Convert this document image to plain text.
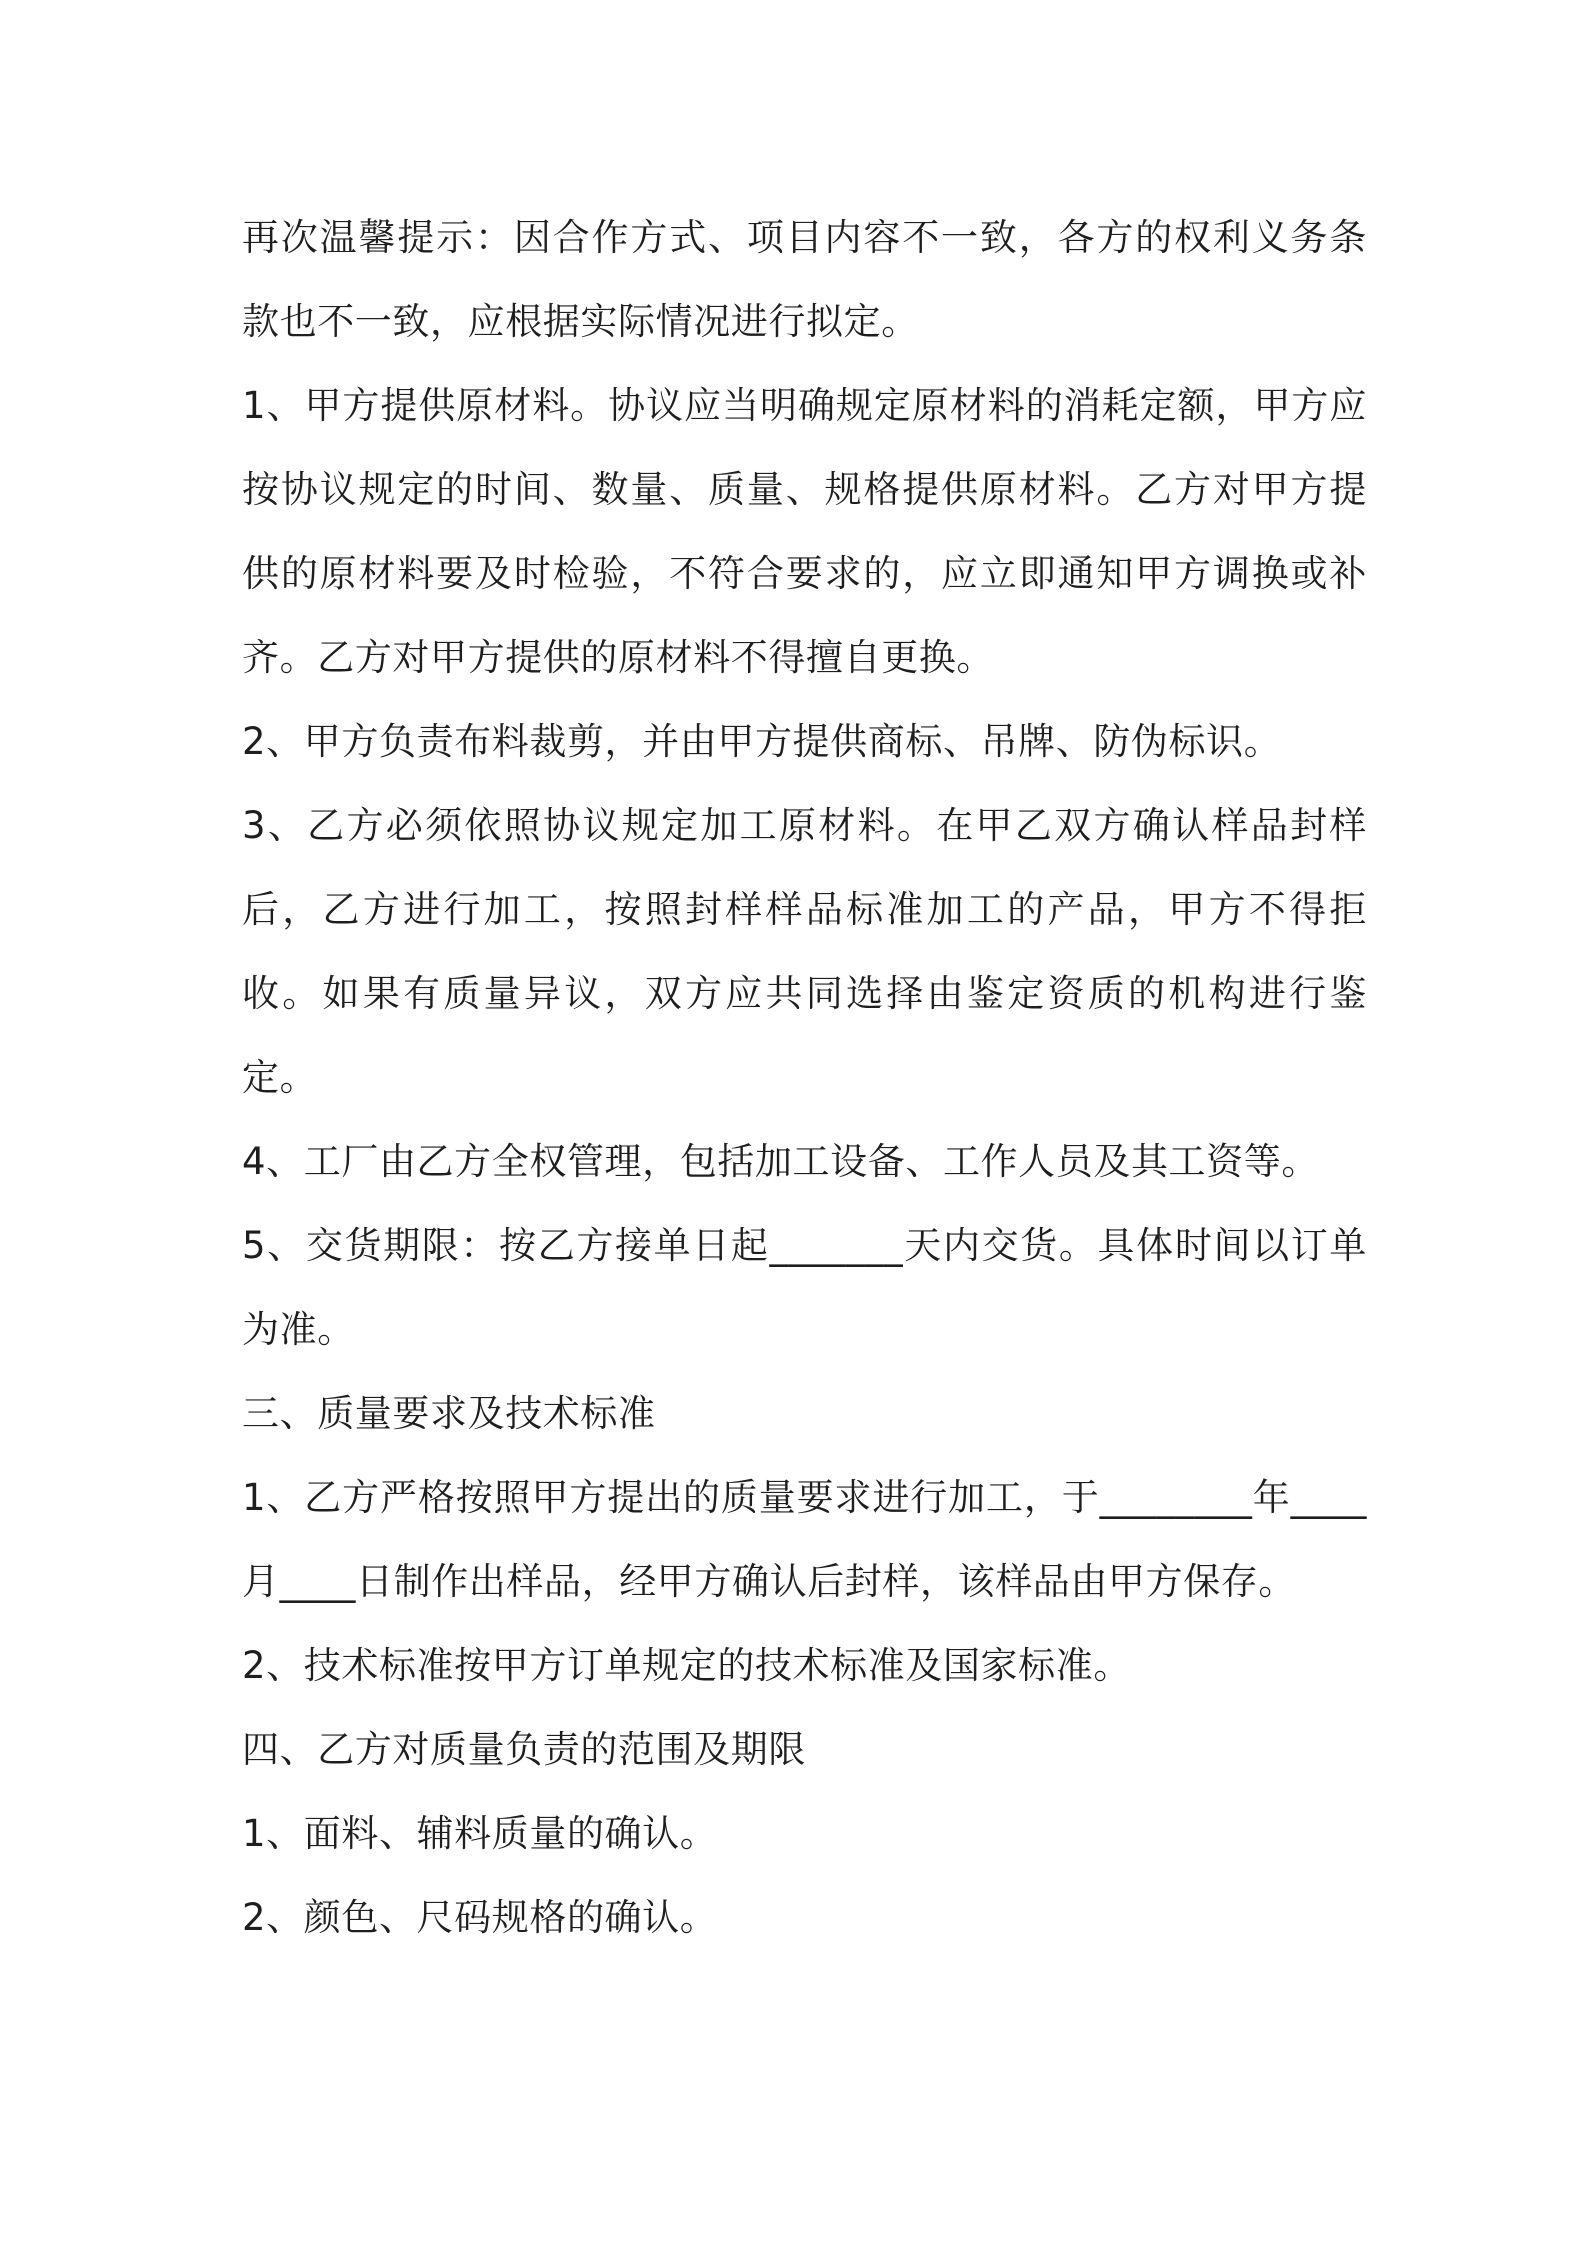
再次温馨提示：因合作方式、项目内容不一致，各方的权利义务条款也不一致，应根据实际情况进行拟定。

1、甲方提供原材料。协议应当明确规定原材料的消耗定额，甲方应按协议规定的时间、数量、质量、规格提供原材料。乙方对甲方提供的原材料要及时检验，不符合要求的，应立即通知甲方调换或补齐。乙方对甲方提供的原材料不得擅自更换。

2、甲方负责布料裁剪，并由甲方提供商标、吊牌、防伪标识。

3、乙方必须依照协议规定加工原材料。在甲乙双方确认样品封样后，乙方进行加工，按照封样样品标准加工的产品，甲方不得拒收。如果有质量异议，双方应共同选择由鉴定资质的机构进行鉴定。

4、工厂由乙方全权管理，包括加工设备、工作人员及其工资等。

5、交货期限：按乙方接单日起_______天内交货。具体时间以订单为准。

三、质量要求及技术标准

1、乙方严格按照甲方提出的质量要求进行加工，于________年____月____日制作出样品，经甲方确认后封样，该样品由甲方保存。

2、技术标准按甲方订单规定的技术标准及国家标准。

四、乙方对质量负责的范围及期限

1、面料、辅料质量的确认。

2、颜色、尺码规格的确认。
